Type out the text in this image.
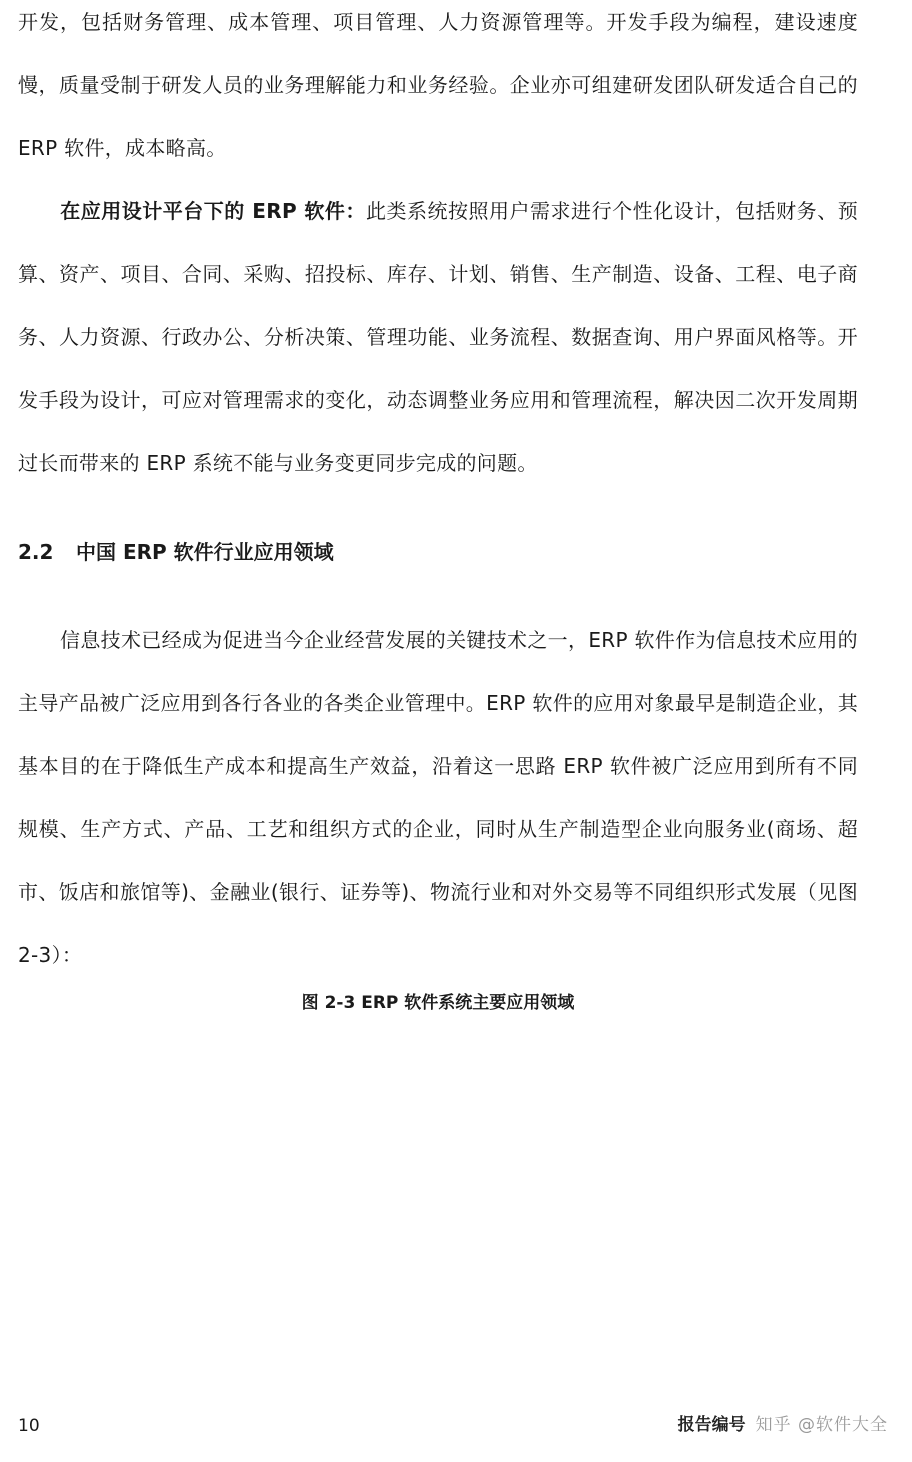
开发，包括财务管理、成本管理、项目管理、人力资源管理等。开发手段为编程，建设速度慢，质量受制于研发人员的业务理解能力和业务经验。企业亦可组建研发团队研发适合自己的 ERP 软件，成本略高。

在应用设计平台下的 ERP 软件：此类系统按照用户需求进行个性化设计，包括财务、预算、资产、项目、合同、采购、招投标、库存、计划、销售、生产制造、设备、工程、电子商务、人力资源、行政办公、分析决策、管理功能、业务流程、数据查询、用户界面风格等。开发手段为设计，可应对管理需求的变化，动态调整业务应用和管理流程，解决因二次开发周期过长而带来的 ERP 系统不能与业务变更同步完成的问题。

2.2 中国 ERP 软件行业应用领域

信息技术已经成为促进当今企业经营发展的关键技术之一，ERP 软件作为信息技术应用的主导产品被广泛应用到各行各业的各类企业管理中。ERP 软件的应用对象最早是制造企业，其基本目的在于降低生产成本和提高生产效益，沿着这一思路 ERP 软件被广泛应用到所有不同规模、生产方式、产品、工艺和组织方式的企业，同时从生产制造型企业向服务业(商场、超市、饭店和旅馆等)、金融业(银行、证券等)、物流行业和对外交易等不同组织形式发展（见图 2-3）：

图 2-3 ERP 软件系统主要应用领域

10	报告编号 知乎 @软件大全
